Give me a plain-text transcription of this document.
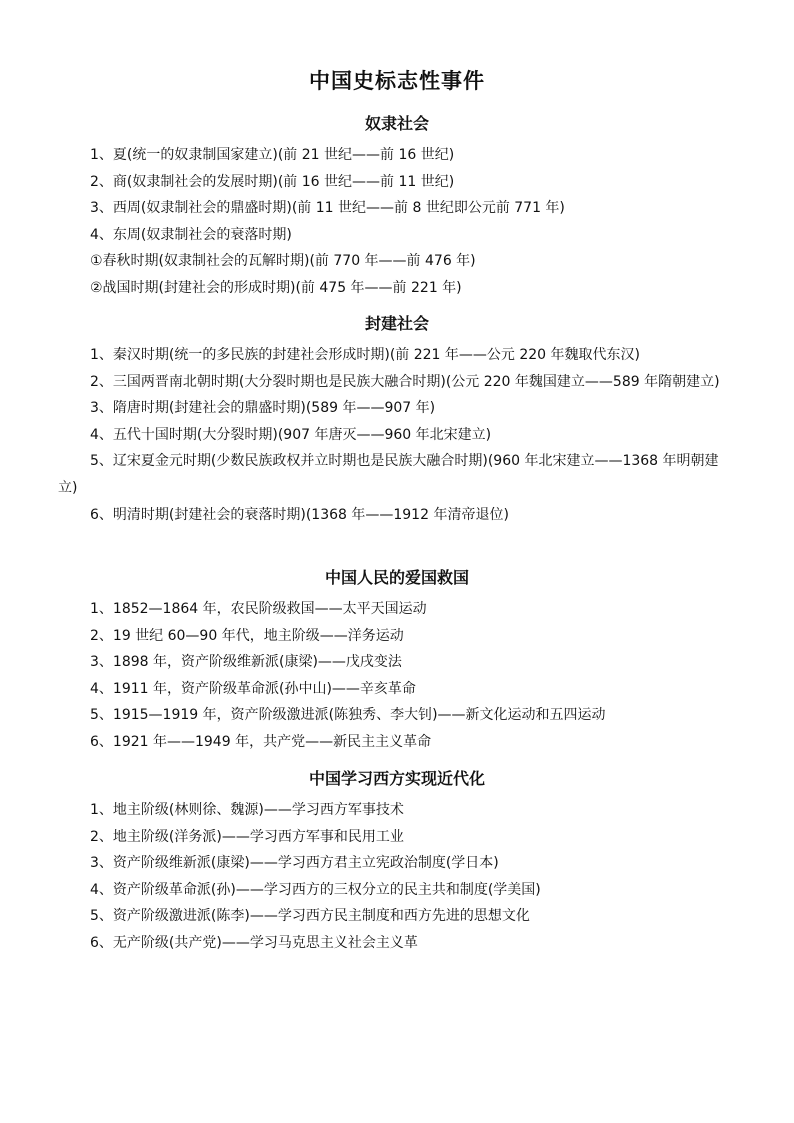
中国史标志性事件
奴隶社会
1、夏(统一的奴隶制国家建立)(前 21 世纪——前 16 世纪)
2、商(奴隶制社会的发展时期)(前 16 世纪——前 11 世纪)
3、西周(奴隶制社会的鼎盛时期)(前 11 世纪——前 8 世纪即公元前 771 年)
4、东周(奴隶制社会的衰落时期)
①春秋时期(奴隶制社会的瓦解时期)(前 770 年——前 476 年)
②战国时期(封建社会的形成时期)(前 475 年——前 221 年)
封建社会
1、秦汉时期(统一的多民族的封建社会形成时期)(前 221 年——公元 220 年魏取代东汉)
2、三国两晋南北朝时期(大分裂时期也是民族大融合时期)(公元 220 年魏国建立——589 年隋朝建立)
3、隋唐时期(封建社会的鼎盛时期)(589 年——907 年)
4、五代十国时期(大分裂时期)(907 年唐灭——960 年北宋建立)
5、辽宋夏金元时期(少数民族政权并立时期也是民族大融合时期)(960 年北宋建立——1368 年明朝建立)
6、明清时期(封建社会的衰落时期)(1368 年——1912 年清帝退位)
中国人民的爱国救国
1、1852—1864 年，农民阶级救国——太平天国运动
2、19 世纪 60—90 年代，地主阶级——洋务运动
3、1898 年，资产阶级维新派(康梁)——戊戌变法
4、1911 年，资产阶级革命派(孙中山)——辛亥革命
5、1915—1919 年，资产阶级激进派(陈独秀、李大钊)——新文化运动和五四运动
6、1921 年——1949 年，共产党——新民主主义革命
中国学习西方实现近代化
1、地主阶级(林则徐、魏源)——学习西方军事技术
2、地主阶级(洋务派)——学习西方军事和民用工业
3、资产阶级维新派(康梁)——学习西方君主立宪政治制度(学日本)
4、资产阶级革命派(孙)——学习西方的三权分立的民主共和制度(学美国)
5、资产阶级激进派(陈李)——学习西方民主制度和西方先进的思想文化
6、无产阶级(共产党)——学习马克思主义社会主义革
